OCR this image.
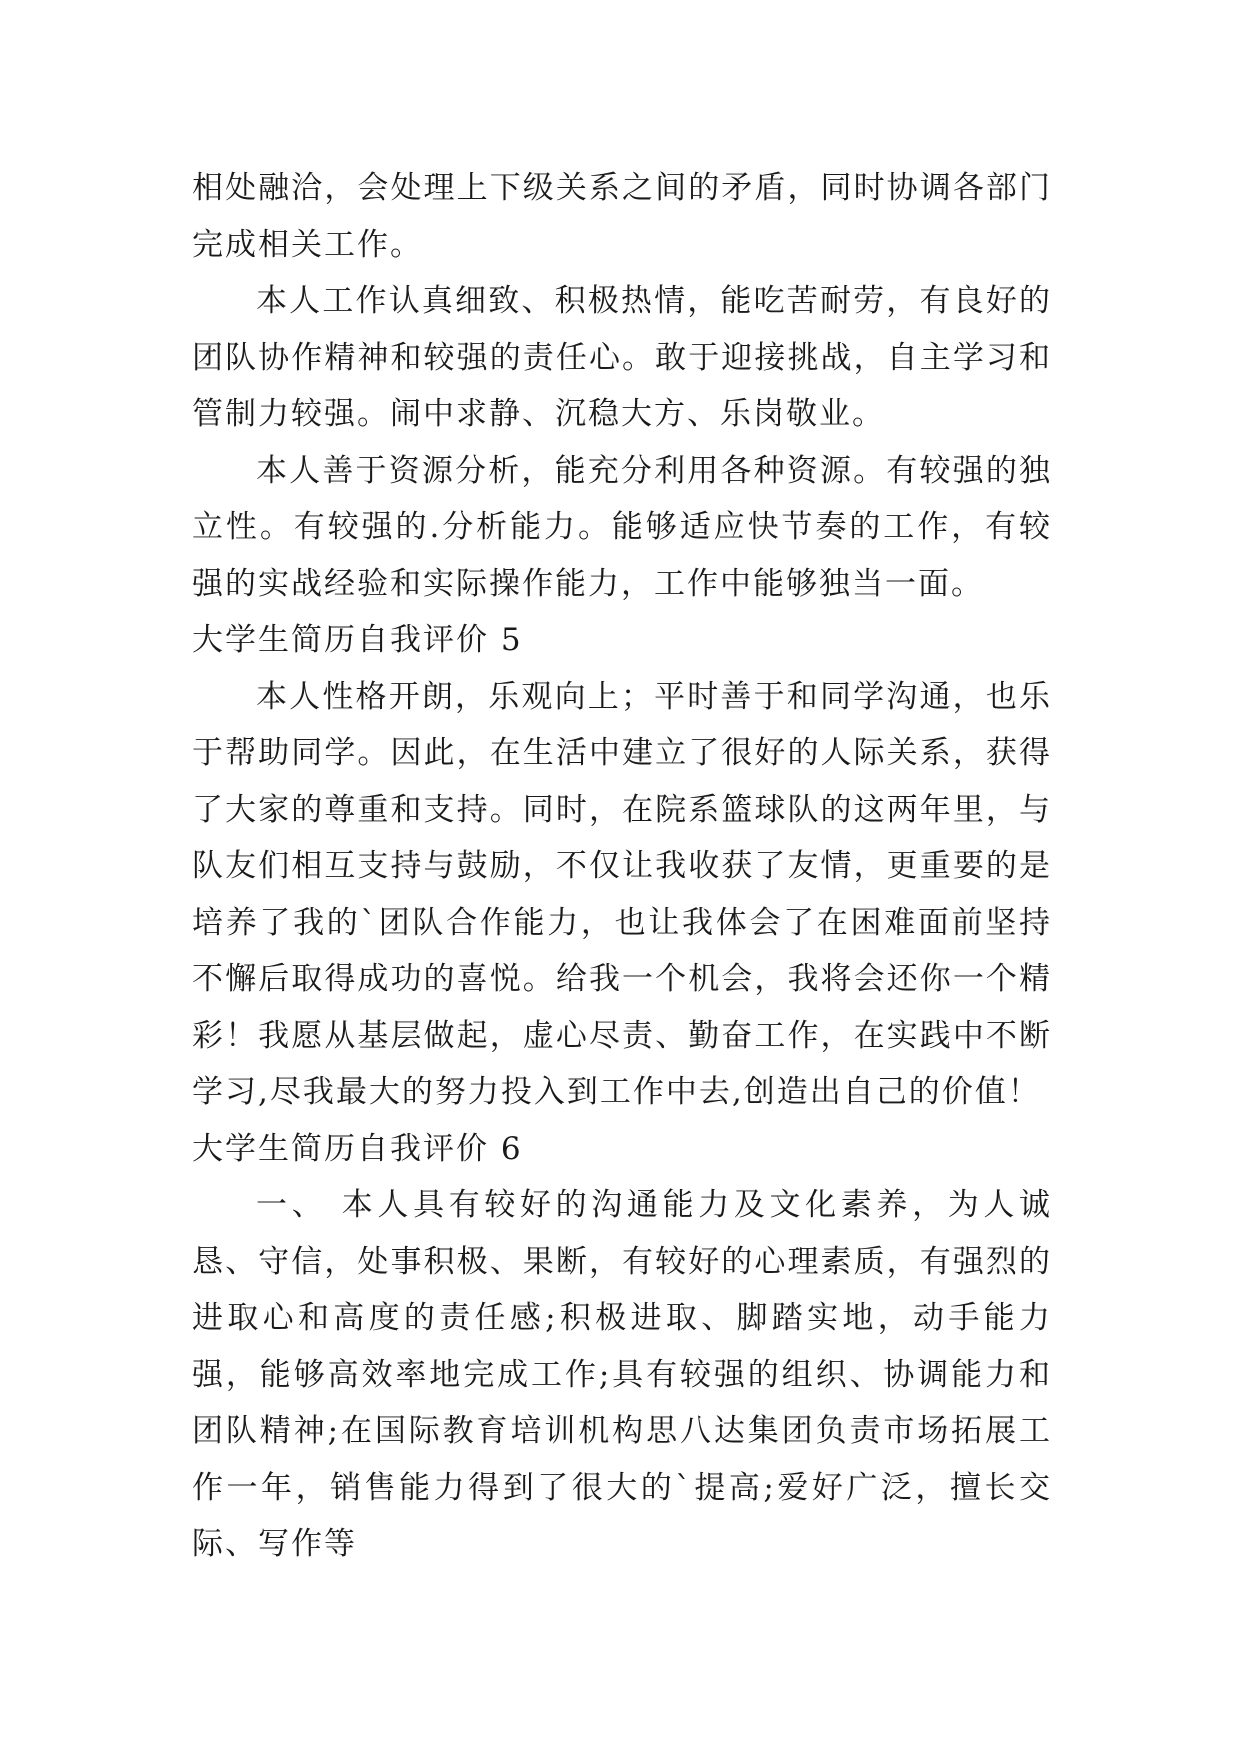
相处融洽，会处理上下级关系之间的矛盾，同时协调各部门完成相关工作。

本人工作认真细致、积极热情，能吃苦耐劳，有良好的团队协作精神和较强的责任心。敢于迎接挑战，自主学习和管制力较强。闹中求静、沉稳大方、乐岗敬业。

本人善于资源分析，能充分利用各种资源。有较强的独立性。有较强的.分析能力。能够适应快节奏的工作，有较强的实战经验和实际操作能力，工作中能够独当一面。

大学生简历自我评价 5

本人性格开朗，乐观向上；平时善于和同学沟通，也乐于帮助同学。因此，在生活中建立了很好的人际关系，获得了大家的尊重和支持。同时，在院系篮球队的这两年里，与队友们相互支持与鼓励，不仅让我收获了友情，更重要的是培养了我的`团队合作能力，也让我体会了在困难面前坚持不懈后取得成功的喜悦。给我一个机会，我将会还你一个精彩！我愿从基层做起，虚心尽责、勤奋工作，在实践中不断学习,尽我最大的努力投入到工作中去,创造出自己的价值！

大学生简历自我评价 6

一、 本人具有较好的沟通能力及文化素养，为人诚恳、守信，处事积极、果断，有较好的心理素质，有强烈的进取心和高度的责任感;积极进取、脚踏实地，动手能力强，能够高效率地完成工作;具有较强的组织、协调能力和团队精神;在国际教育培训机构思八达集团负责市场拓展工作一年，销售能力得到了很大的`提高;爱好广泛，擅长交际、写作等
